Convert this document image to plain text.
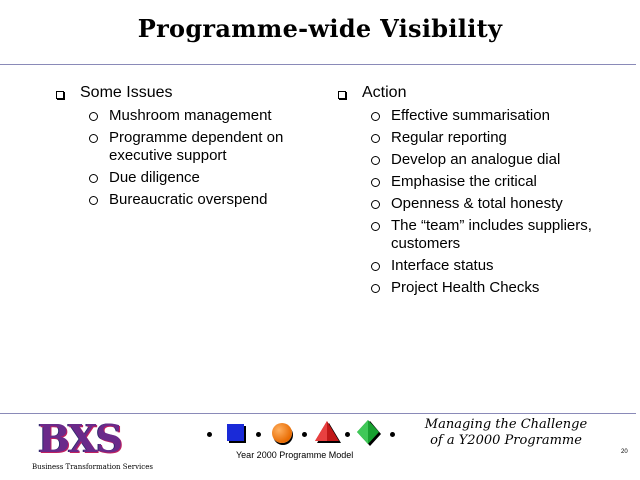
Programme-wide Visibility
Some Issues
Mushroom management
Programme dependent on executive support
Due diligence
Bureaucratic overspend
Action
Effective summarisation
Regular reporting
Develop an analogue dial
Emphasise the critical
Openness & total honesty
The “team” includes suppliers, customers
Interface status
Project Health Checks
BXS
Business Transformation Services
Year 2000 Programme Model
Managing the Challenge
of a Y2000 Programme
20
